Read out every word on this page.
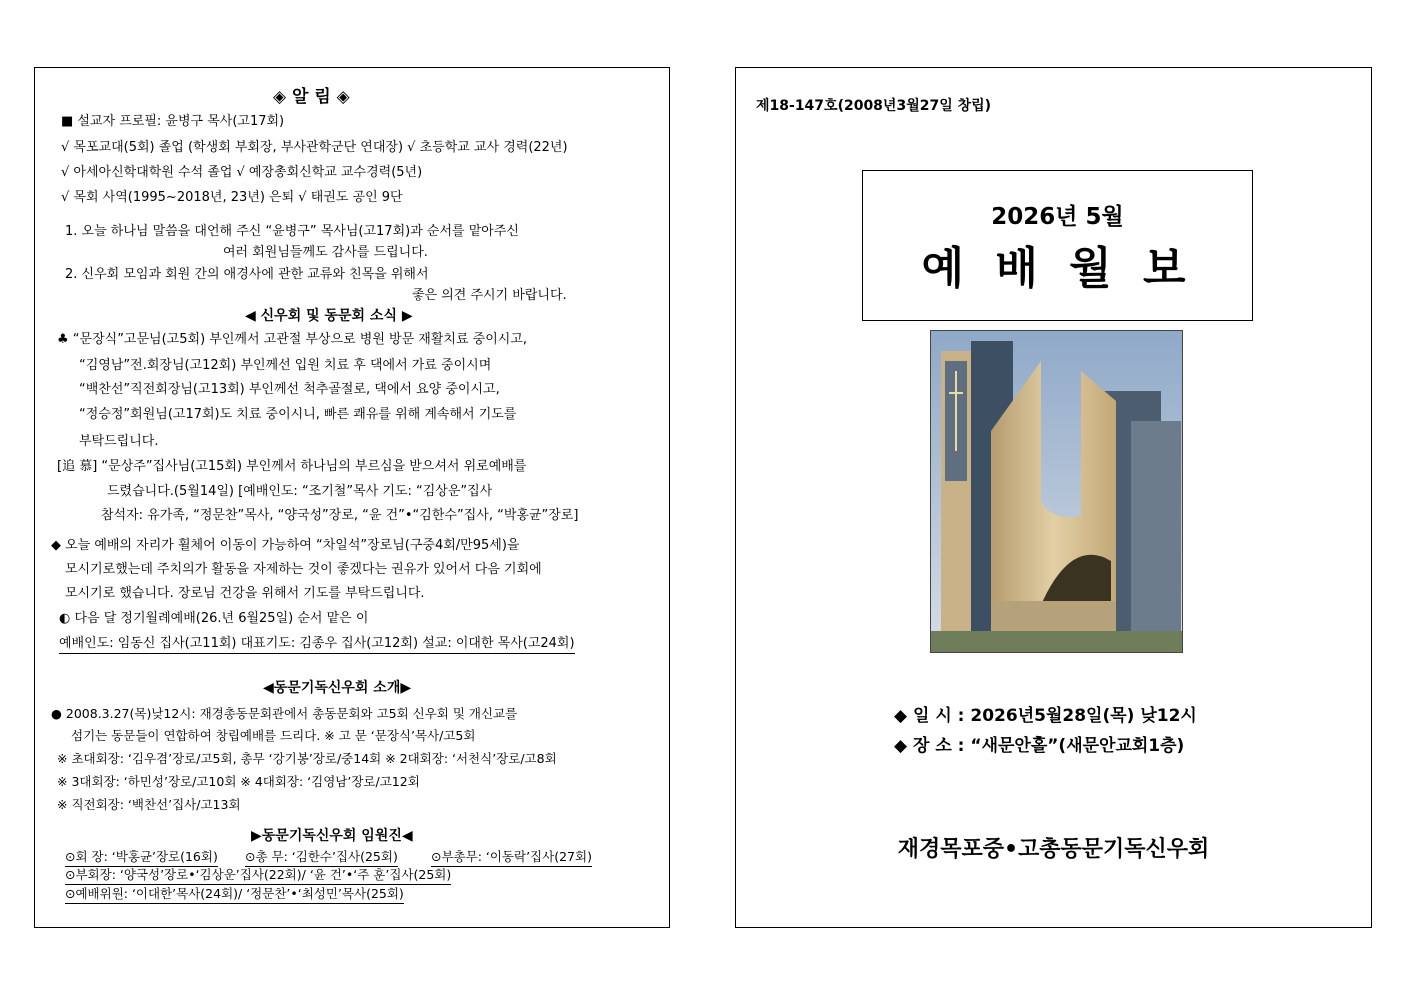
◈ 알 림 ◈
■ 설교자 프로필: 윤병구 목사(고17회)
√ 목포교대(5회) 졸업 (학생회 부회장, 부사관학군단 연대장) √ 초등학교 교사 경력(22년)
√ 아세아신학대학원 수석 졸업 √ 예장총회신학교 교수경력(5년)
√ 목회 사역(1995~2018년, 23년) 은퇴 √ 태권도 공인 9단
1. 오늘 하나님 말씀을 대언해 주신 “윤병구” 목사님(고17회)과 순서를 맡아주신
여러 회원님들께도 감사를 드립니다.
2. 신우회 모임과 회원 간의 애경사에 관한 교류와 친목을 위해서
좋은 의견 주시기 바랍니다.
◀ 신우회 및 동문회 소식 ▶
♣ “문장식”고문님(고5회) 부인께서 고관절 부상으로 병원 방문 재활치료 중이시고,
“김영남”전.회장님(고12회) 부인께선 입원 치료 후 댁에서 가료 중이시며
“백찬선”직전회장님(고13회) 부인께선 척추골절로, 댁에서 요양 중이시고,
“정승정”회원님(고17회)도 치료 중이시니, 빠른 쾌유를 위해 계속해서 기도를
부탁드립니다.
[追 慕] “문상주”집사님(고15회) 부인께서 하나님의 부르심을 받으셔서 위로예배를
드렸습니다.(5월14일) [예배인도: “조기철”목사 기도: “김상운”집사
참석자: 유가족, “정문찬”목사, “양국성”장로, “윤 건”•“김한수”집사, “박홍균”장로]
◆ 오늘 예배의 자리가 휠체어 이동이 가능하여 “차일석”장로님(구중4회/만95세)을
모시기로했는데 주치의가 활동을 자제하는 것이 좋겠다는 권유가 있어서 다음 기회에
모시기로 했습니다. 장로님 건강을 위해서 기도를 부탁드립니다.
◐ 다음 달 정기월례예배(26.년 6월25일) 순서 맡은 이
예배인도: 임동신 집사(고11회) 대표기도: 김종우 집사(고12회) 설교: 이대한 목사(고24회)
◀동문기독신우회 소개▶
● 2008.3.27(목)낮12시: 재경총동문회관에서 총동문회와 고5회 신우회 및 개신교를
섬기는 동문들이 연합하여 창립예배를 드리다. ※ 고 문 ‘문장식’목사/고5회
※ 초대회장: ‘김우겸’장로/고5회, 총무 ‘강기봉’장로/중14회 ※ 2대회장: ‘서천식’장로/고8회
※ 3대회장: ‘하민성’장로/고10회 ※ 4대회장: ‘김영남’장로/고12회
※ 직전회장: ‘백찬선’집사/고13회
▶동문기독신우회 임원진◀
⊙회 장: ‘박홍균’장로(16회) ⊙총 무: ‘김한수’집사(25회)	⊙부총무: ‘이동락’집사(27회)
⊙부회장: ‘양국성’장로•‘김상운’집사(22회)/ ‘윤 건’•‘주 훈’집사(25회)
⊙예배위원: ‘이대한’목사(24회)/ ‘정문찬’•‘최성민’목사(25회)
제18-147호(2008년3월27일 창립)
2026년 5월
예 배 월 보
◆ 일 시 : 2026년5월28일(목) 낮12시
◆ 장 소 : “새문안홀”(새문안교회1층)
재경목포중•고총동문기독신우회
